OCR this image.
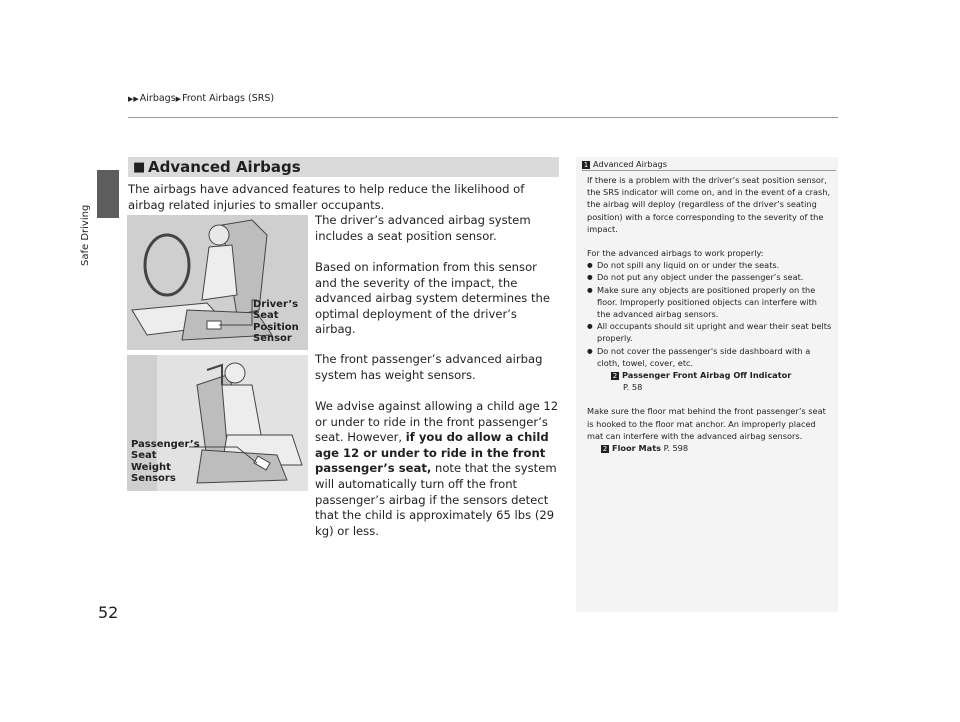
▶▶Airbags▶Front Airbags (SRS)
Safe Driving
■ Advanced Airbags
The airbags have advanced features to help reduce the likelihood of airbag related injuries to smaller occupants.
Driver’s
Seat
Position
Sensor
Passenger’s
Seat
Weight
Sensors
The driver’s advanced airbag system includes a seat position sensor.
Based on information from this sensor and the severity of the impact, the advanced airbag system determines the optimal deployment of the driver’s airbag.
The front passenger’s advanced airbag system has weight sensors.
We advise against allowing a child age 12 or under to ride in the front passenger’s seat. However, if you do allow a child age 12 or under to ride in the front passenger’s seat, note that the system will automatically turn off the front passenger’s airbag if the sensors detect that the child is approximately 65 lbs (29 kg) or less.
1 Advanced Airbags

If there is a problem with the driver’s seat position sensor, the SRS indicator will come on, and in the event of a crash, the airbag will deploy (regardless of the driver’s seating position) with a force corresponding to the severity of the impact.

For the advanced airbags to work properly:

● Do not spill any liquid on or under the seats.
● Do not put any object under the passenger’s seat.
● Make sure any objects are positioned properly on the floor. Improperly positioned objects can interfere with the advanced airbag sensors.
● All occupants should sit upright and wear their seat belts properly.
● Do not cover the passenger's side dashboard with a cloth, towel, cover, etc.
2 Passenger Front Airbag Off Indicator
P. 58

Make sure the floor mat behind the front passenger’s seat is hooked to the floor mat anchor. An improperly placed mat can interfere with the advanced airbag sensors.

2 Floor Mats P. 598
52
